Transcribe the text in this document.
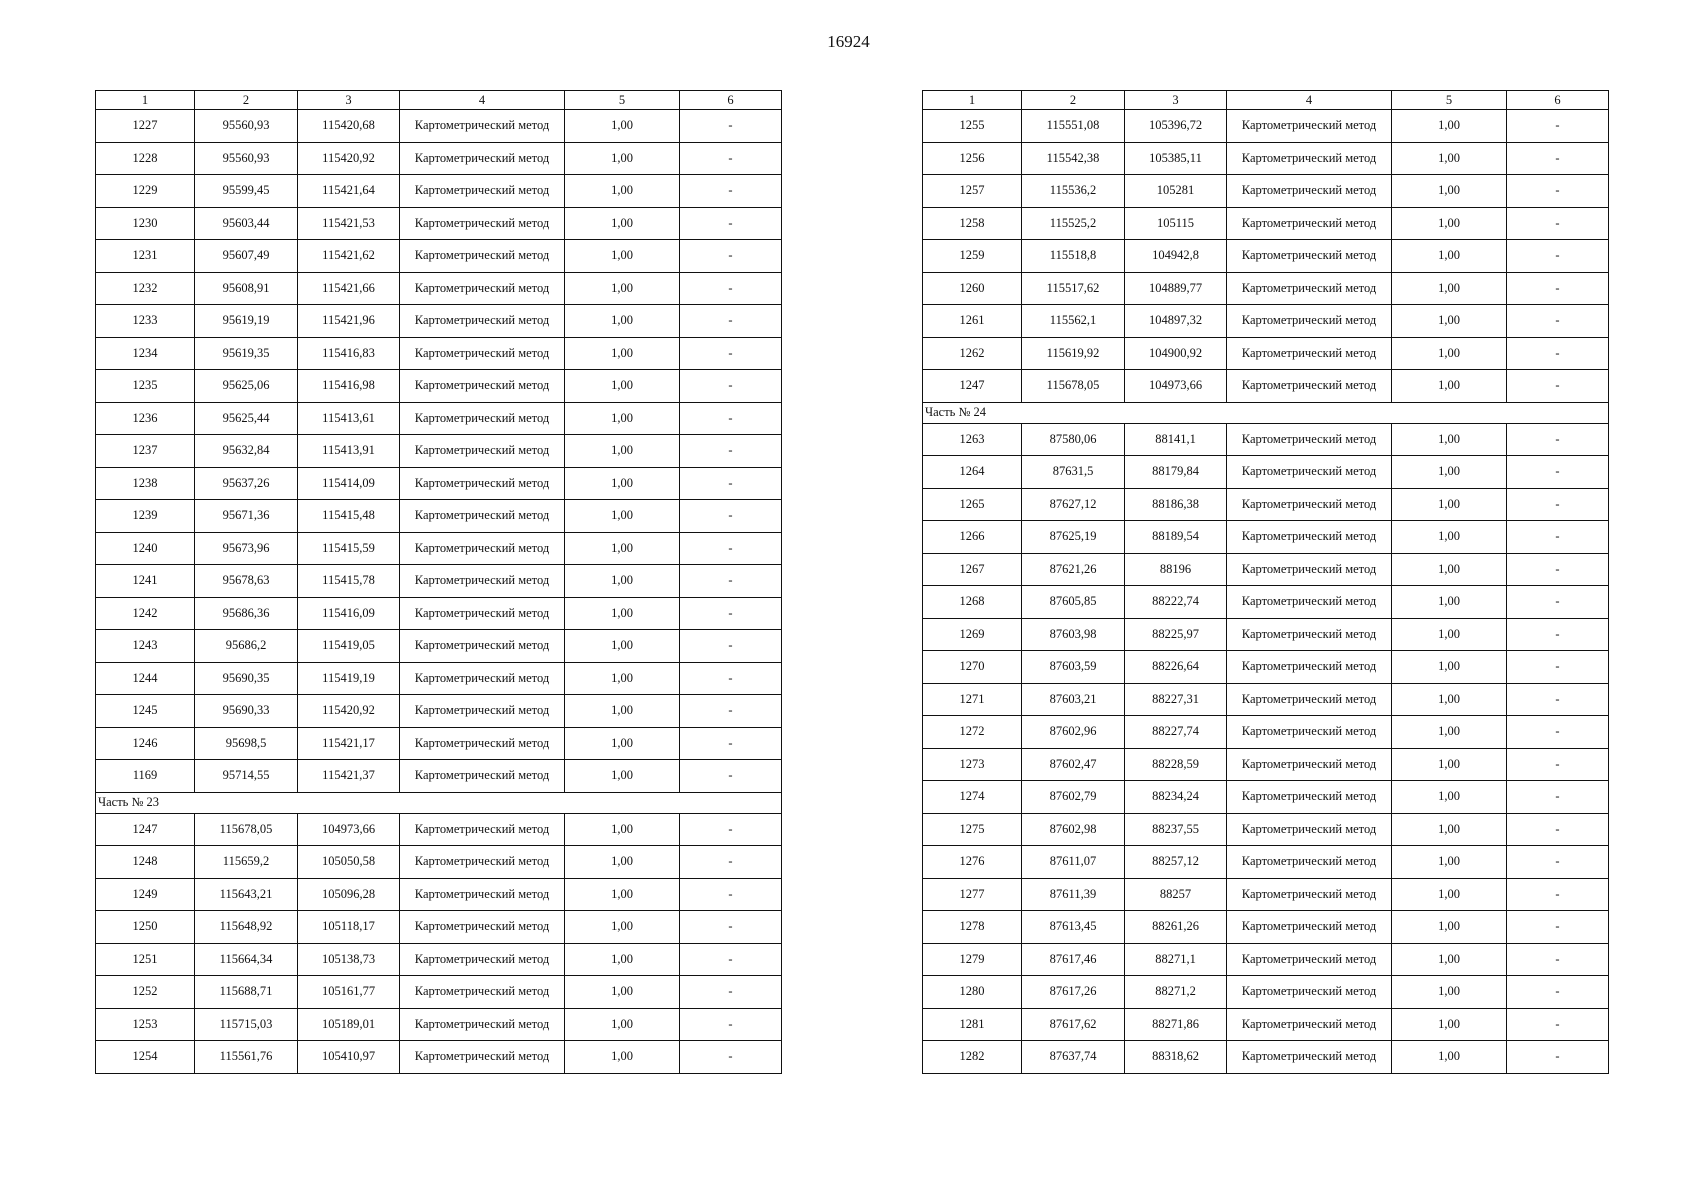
16924
1	2	3	4	5	6
1227	95560,93	115420,68	Картометрический метод	1,00	-
1228	95560,93	115420,92	Картометрический метод	1,00	-
1229	95599,45	115421,64	Картометрический метод	1,00	-
1230	95603,44	115421,53	Картометрический метод	1,00	-
1231	95607,49	115421,62	Картометрический метод	1,00	-
1232	95608,91	115421,66	Картометрический метод	1,00	-
1233	95619,19	115421,96	Картометрический метод	1,00	-
1234	95619,35	115416,83	Картометрический метод	1,00	-
1235	95625,06	115416,98	Картометрический метод	1,00	-
1236	95625,44	115413,61	Картометрический метод	1,00	-
1237	95632,84	115413,91	Картометрический метод	1,00	-
1238	95637,26	115414,09	Картометрический метод	1,00	-
1239	95671,36	115415,48	Картометрический метод	1,00	-
1240	95673,96	115415,59	Картометрический метод	1,00	-
1241	95678,63	115415,78	Картометрический метод	1,00	-
1242	95686,36	115416,09	Картометрический метод	1,00	-
1243	95686,2	115419,05	Картометрический метод	1,00	-
1244	95690,35	115419,19	Картометрический метод	1,00	-
1245	95690,33	115420,92	Картометрический метод	1,00	-
1246	95698,5	115421,17	Картометрический метод	1,00	-
1169	95714,55	115421,37	Картометрический метод	1,00	-
Часть № 23					
1247	115678,05	104973,66	Картометрический метод	1,00	-
1248	115659,2	105050,58	Картометрический метод	1,00	-
1249	115643,21	105096,28	Картометрический метод	1,00	-
1250	115648,92	105118,17	Картометрический метод	1,00	-
1251	115664,34	105138,73	Картометрический метод	1,00	-
1252	115688,71	105161,77	Картометрический метод	1,00	-
1253	115715,03	105189,01	Картометрический метод	1,00	-
1254	115561,76	105410,97	Картометрический метод	1,00	-
1	2	3	4	5	6
1255	115551,08	105396,72	Картометрический метод	1,00	-
1256	115542,38	105385,11	Картометрический метод	1,00	-
1257	115536,2	105281	Картометрический метод	1,00	-
1258	115525,2	105115	Картометрический метод	1,00	-
1259	115518,8	104942,8	Картометрический метод	1,00	-
1260	115517,62	104889,77	Картометрический метод	1,00	-
1261	115562,1	104897,32	Картометрический метод	1,00	-
1262	115619,92	104900,92	Картометрический метод	1,00	-
1247	115678,05	104973,66	Картометрический метод	1,00	-
Часть № 24					
1263	87580,06	88141,1	Картометрический метод	1,00	-
1264	87631,5	88179,84	Картометрический метод	1,00	-
1265	87627,12	88186,38	Картометрический метод	1,00	-
1266	87625,19	88189,54	Картометрический метод	1,00	-
1267	87621,26	88196	Картометрический метод	1,00	-
1268	87605,85	88222,74	Картометрический метод	1,00	-
1269	87603,98	88225,97	Картометрический метод	1,00	-
1270	87603,59	88226,64	Картометрический метод	1,00	-
1271	87603,21	88227,31	Картометрический метод	1,00	-
1272	87602,96	88227,74	Картометрический метод	1,00	-
1273	87602,47	88228,59	Картометрический метод	1,00	-
1274	87602,79	88234,24	Картометрический метод	1,00	-
1275	87602,98	88237,55	Картометрический метод	1,00	-
1276	87611,07	88257,12	Картометрический метод	1,00	-
1277	87611,39	88257	Картометрический метод	1,00	-
1278	87613,45	88261,26	Картометрический метод	1,00	-
1279	87617,46	88271,1	Картометрический метод	1,00	-
1280	87617,26	88271,2	Картометрический метод	1,00	-
1281	87617,62	88271,86	Картометрический метод	1,00	-
1282	87637,74	88318,62	Картометрический метод	1,00	-
